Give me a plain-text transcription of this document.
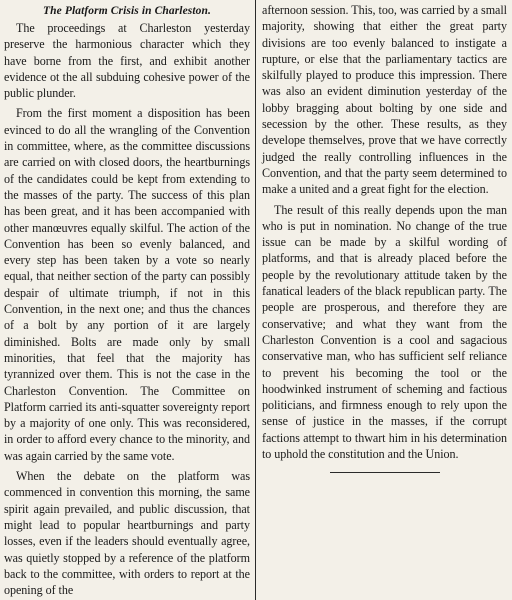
The Platform Crisis in Charleston.

The proceedings at Charleston yesterday preserve the harmonious character which they have borne from the first, and exhibit another evidence ot the all subduing cohesive power of the public plunder.

From the first moment a disposition has been evinced to do all the wrangling of the Convention in committee, where, as the committee discussions are carried on with closed doors, the heartburnings of the candidates could be kept from extending to the masses of the party. The success of this plan has been great, and it has been accompanied with other manœuvres equally skilful. The action of the Convention has been so evenly balanced, and every step has been taken by a vote so nearly equal, that neither section of the party can possibly despair of ultimate triumph, if not in this Convention, in the next one; and thus the chances of a bolt by any portion of it are largely diminished. Bolts are made only by small minorities, that feel that the majority has tyrannized over them. This is not the case in the Charleston Convention. The Committee on Platform carried its anti-squatter sovereignty report by a majority of one only. This was reconsidered, in order to afford every chance to the minority, and was again carried by the same vote.

When the debate on the platform was commenced in convention this morning, the same spirit again prevailed, and public discussion, that might lead to popular heartburnings and party losses, even if the leaders should eventually agree, was quietly stopped by a reference of the platform back to the committee, with orders to report at the opening of the

afternoon session. This, too, was carried by a small majority, showing that either the great party divisions are too evenly balanced to instigate a rupture, or else that the parliamentary tactics are skilfully played to produce this impression. There was also an evident diminution yesterday of the lobby bragging about bolting by one side and secession by the other. These results, as they develope themselves, prove that we have correctly judged the really controlling influences in the Convention, and that the party seem determined to make a united and a great fight for the election.

The result of this really depends upon the man who is put in nomination. No change of the true issue can be made by a skilful wording of platforms, and that is already placed before the people by the revolutionary attitude taken by the fanatical leaders of the black republican party. The people are prosperous, and therefore they are conservative; and what they want from the Charleston Convention is a cool and sagacious conservative man, who has sufficient self reliance to prevent his becoming the tool or the hoodwinked instrument of scheming and factious politicians, and firmness enough to rely upon the sense of justice in the masses, if the corrupt factions attempt to thwart him in his determination to uphold the constitution and the Union.
